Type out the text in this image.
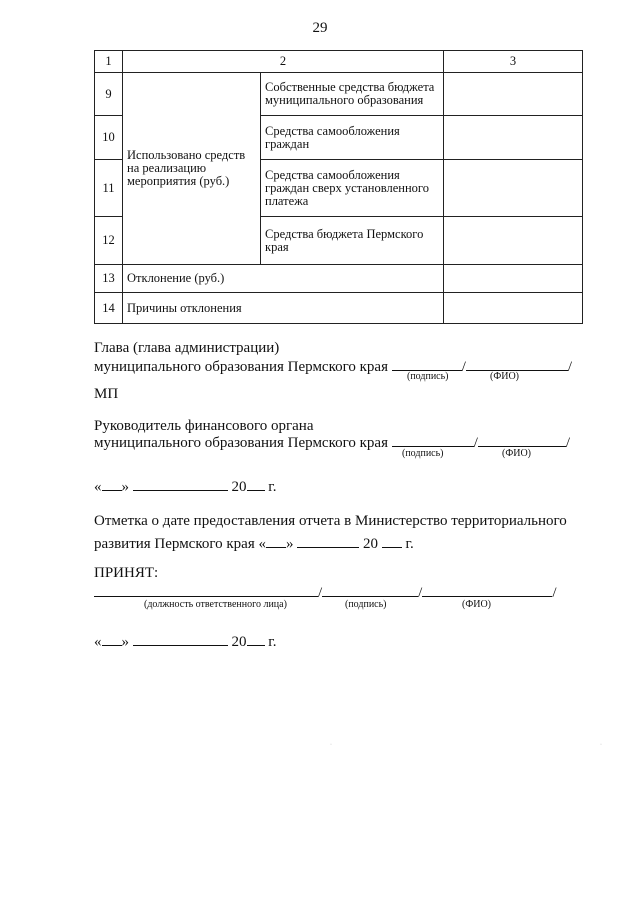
29
1	2		3
9	Использовано средств на реализацию мероприятия (руб.)	Собственные средства бюджета муниципального образования	
10		Средства самообложения граждан	
11		Средства самообложения граждан сверх установленного платежа	
12		Средства бюджета Пермского края	
13	Отклонение (руб.)		
14	Причины отклонения		
Глава (глава администрации)
муниципального образования Пермского края	/	/
(подпись)	(ФИО)
МП
Руководитель финансового органа
муниципального образования Пермского края	/	/
(подпись)	(ФИО)
« »	20 г.
Отметка о дате предоставления отчета в Министерство территориального
развития Пермского края « »	20 г.
ПРИНЯТ:
/	/	/
(должность ответственного лица)	(подпись)	(ФИО)
« »	20 г.
·	·
